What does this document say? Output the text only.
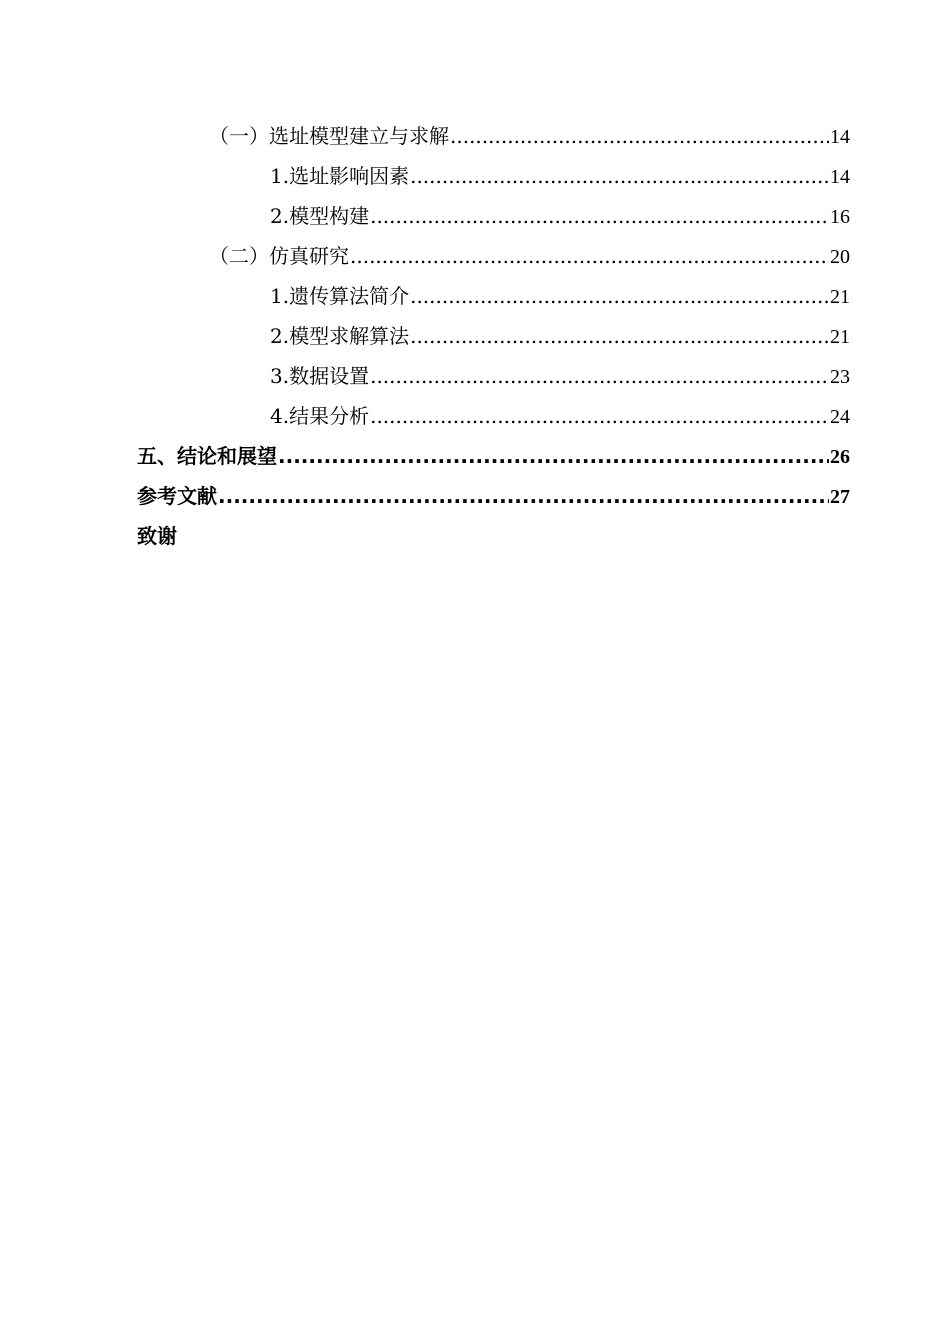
（一）选址模型建立与求解 .....	14
1.选址影响因素 .....	14
2.模型构建 .....	16
（二）仿真研究 .....	20
1.遗传算法简介 .....	21
2.模型求解算法 .....	21
3.数据设置 .....	23
4.结果分析 .....	24
五、结论和展望 .....	26
参考文献 .....	27
致谢
